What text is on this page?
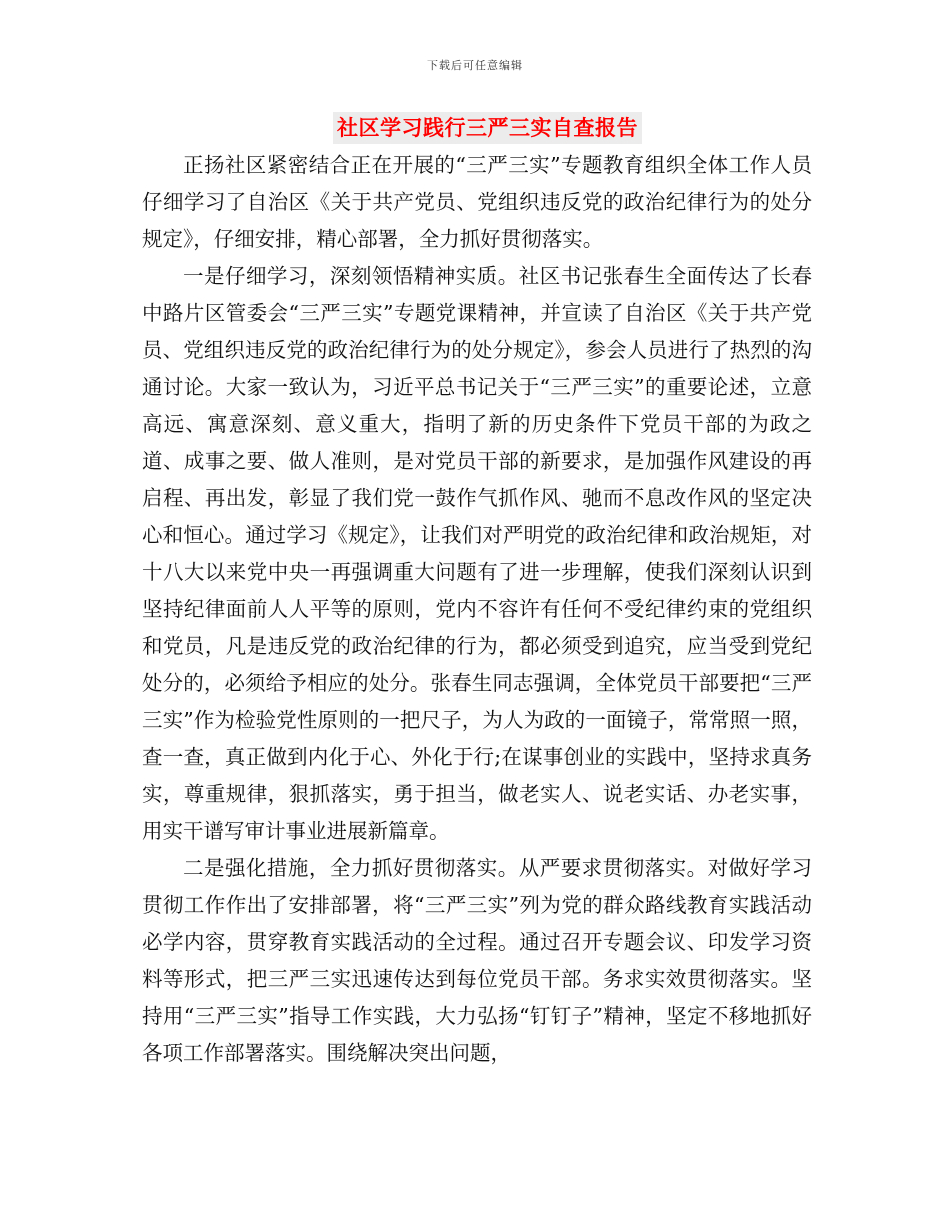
下载后可任意编辑
社区学习践行三严三实自查报告

正扬社区紧密结合正在开展的“三严三实”专题教育组织全体工作人员仔细学习了自治区《关于共产党员、党组织违反党的政治纪律行为的处分规定》，仔细安排，精心部署，全力抓好贯彻落实。

一是仔细学习，深刻领悟精神实质。社区书记张春生全面传达了长春中路片区管委会“三严三实”专题党课精神，并宣读了自治区《关于共产党员、党组织违反党的政治纪律行为的处分规定》，参会人员进行了热烈的沟通讨论。大家一致认为，习近平总书记关于“三严三实”的重要论述，立意高远、寓意深刻、意义重大，指明了新的历史条件下党员干部的为政之道、成事之要、做人准则，是对党员干部的新要求，是加强作风建设的再启程、再出发，彰显了我们党一鼓作气抓作风、驰而不息改作风的坚定决心和恒心。通过学习《规定》，让我们对严明党的政治纪律和政治规矩，对十八大以来党中央一再强调重大问题有了进一步理解，使我们深刻认识到坚持纪律面前人人平等的原则，党内不容许有任何不受纪律约束的党组织和党员，凡是违反党的政治纪律的行为，都必须受到追究，应当受到党纪处分的，必须给予相应的处分。张春生同志强调，全体党员干部要把“三严三实”作为检验党性原则的一把尺子，为人为政的一面镜子，常常照一照，查一查，真正做到内化于心、外化于行;在谋事创业的实践中，坚持求真务实，尊重规律，狠抓落实，勇于担当，做老实人、说老实话、办老实事，用实干谱写审计事业进展新篇章。

二是强化措施，全力抓好贯彻落实。从严要求贯彻落实。对做好学习贯彻工作作出了安排部署，将“三严三实”列为党的群众路线教育实践活动必学内容，贯穿教育实践活动的全过程。通过召开专题会议、印发学习资料等形式，把三严三实迅速传达到每位党员干部。务求实效贯彻落实。坚持用“三严三实”指导工作实践，大力弘扬“钉钉子”精神，坚定不移地抓好各项工作部署落实。围绕解决突出问题，
